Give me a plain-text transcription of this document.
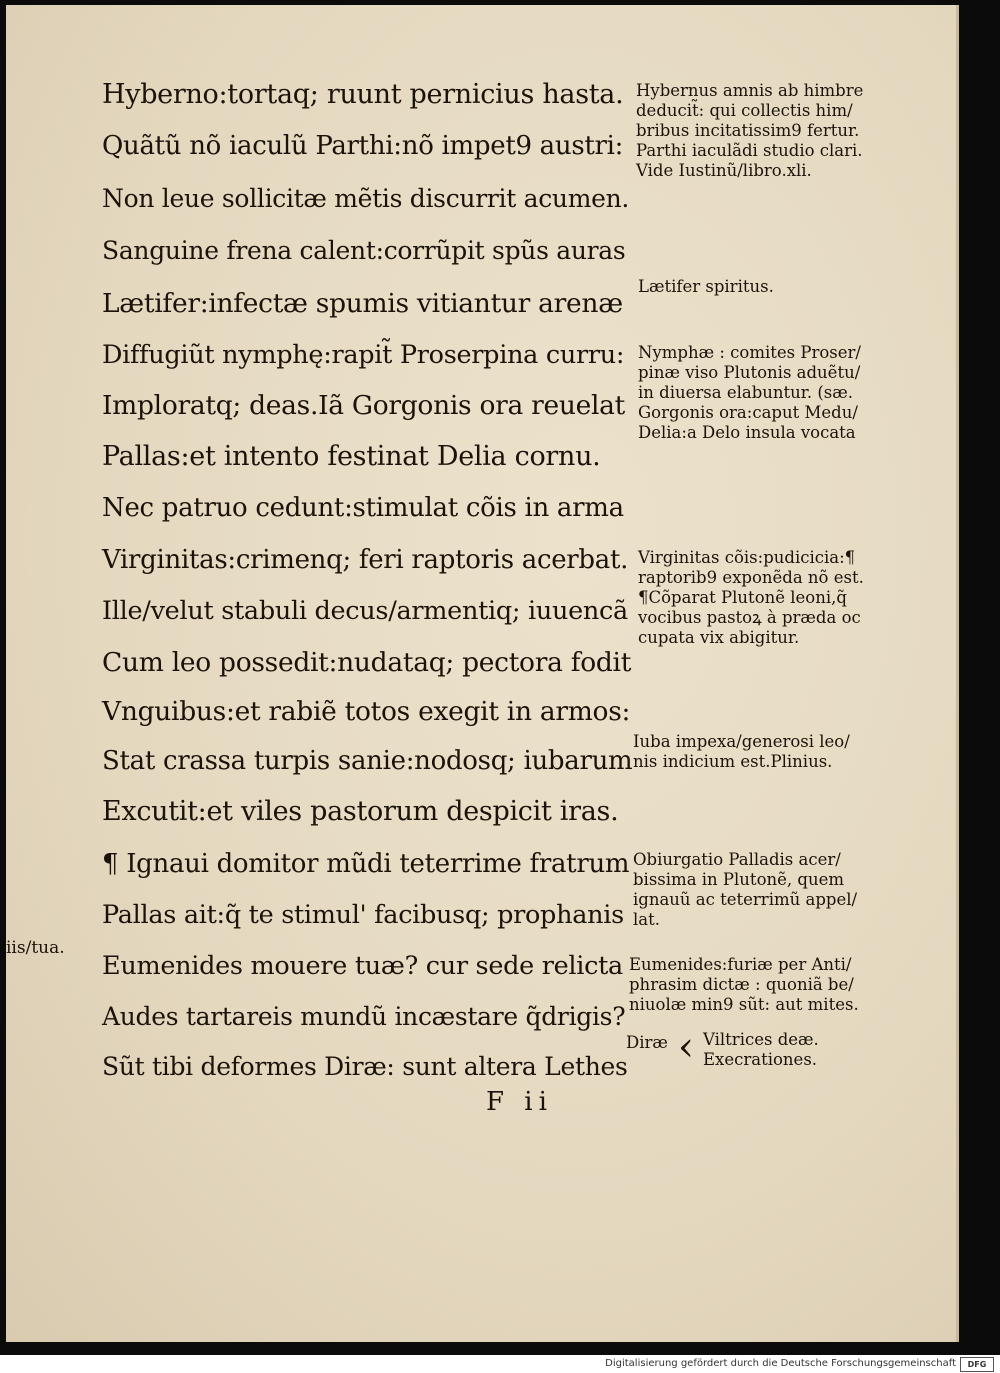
iis/tua.
Hyberno:tortaq; ruunt pernicius hasta.
Quãtũ nõ iaculũ Parthi:nõ impet9 austri:
Non leue sollicitæ mẽtis discurrit acumen.
Sanguine frena calent:corrũpit spũs auras
Lætifer:infectæ spumis vitiantur arenæ
Diffugiũt nymphę:rapit̃ Proserpina curru:
Imploratq; deas.Iã Gorgonis ora reuelat
Pallas:et intento festinat Delia cornu.
Nec patruo cedunt:stimulat cõis in arma
Virginitas:crimenq; feri raptoris acerbat.
Ille/velut stabuli decus/armentiq; iuuencã
Cum leo possedit:nudataq; pectora fodit
Vnguibus:et rabiẽ totos exegit in armos:
Stat crassa turpis sanie:nodosq; iubarum
Excutit:et viles pastorum despicit iras.
¶ Ignaui domitor mũdi teterrime fratrum
Pallas ait:q̃ te stimul' facibusq; prophanis
Eumenides mouere tuæ? cur sede relicta
Audes tartareis mundũ incæstare q̃drigis?
Sũt tibi deformes Diræ: sunt altera Lethes
Hybernus amnis ab himbre
deducit̃: qui collectis him/
bribus incitatissim9 fertur.
Parthi iaculãdi studio clari.
Vide Iustinũ/libro.xli.
Lætifer spiritus.
Nymphæ : comites Proser/
pinæ viso Plutonis aduẽtu/
in diuersa elabuntur. (sæ.
Gorgonis ora:caput Medu/
Delia:a Delo insula vocata
Virginitas cõis:pudicicia:¶
raptorib9 exponẽda nõ est.
¶Cõparat Plutonẽ leoni,q̃
vocibus pastoꝝ à præda oc
cupata vix abigitur.
Iuba impexa/generosi leo/
nis indicium est.Plinius.
Obiurgatio Palladis acer/
bissima in Plutonẽ, quem
ignauũ ac teterrimũ appel/
lat.
Eumenides:furiæ per Anti/
phrasim dictæ : quoniã be/
niuolæ min9 sũt: aut mites.
Diræ ‹ Viltrices deæ.
Execrationes.
F ii
Digitalisierung gefördert durch die Deutsche Forschungsgemeinschaft	DFG
